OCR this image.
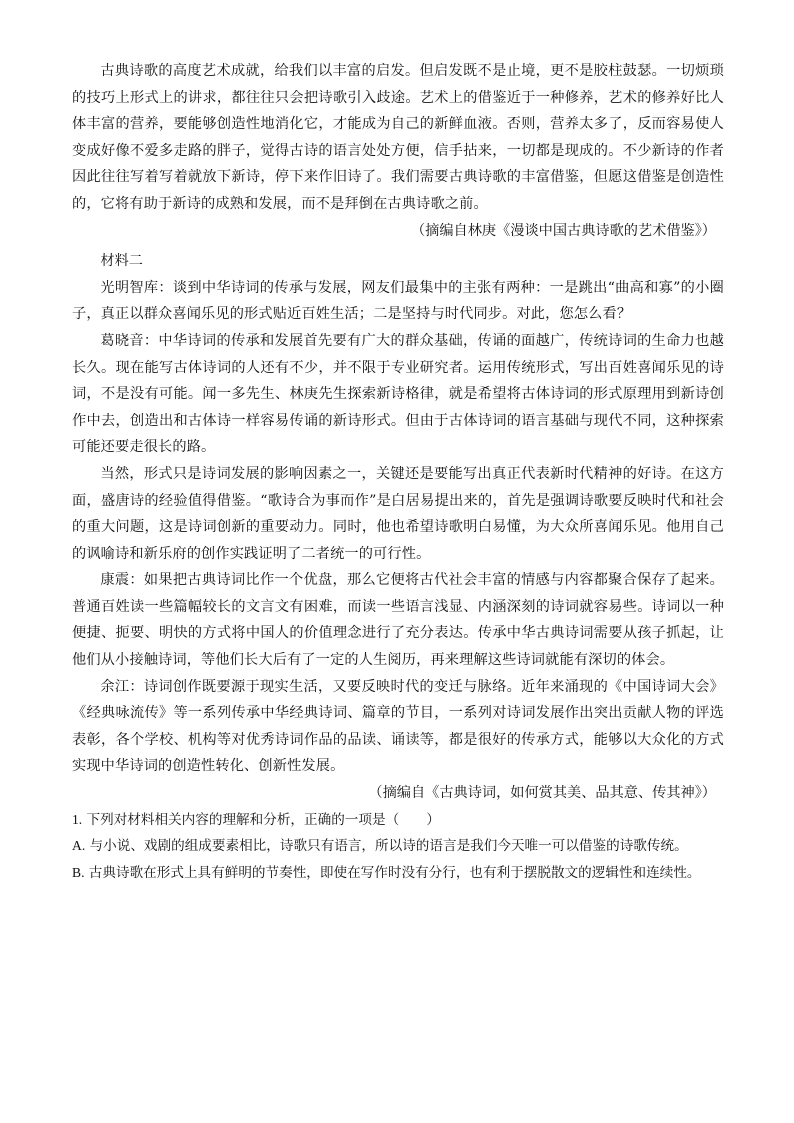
古典诗歌的高度艺术成就，给我们以丰富的启发。但启发既不是止境，更不是胶柱鼓瑟。一切烦琐的技巧上形式上的讲求，都往往只会把诗歌引入歧途。艺术上的借鉴近于一种修养，艺术的修养好比人体丰富的营养，要能够创造性地消化它，才能成为自己的新鲜血液。否则，营养太多了，反而容易使人变成好像不爱多走路的胖子，觉得古诗的语言处处方便，信手拈来，一切都是现成的。不少新诗的作者因此往往写着写着就放下新诗，停下来作旧诗了。我们需要古典诗歌的丰富借鉴，但愿这借鉴是创造性的，它将有助于新诗的成熟和发展，而不是拜倒在古典诗歌之前。

（摘编自林庚《漫谈中国古典诗歌的艺术借鉴》）

材料二

光明智库：谈到中华诗词的传承与发展，网友们最集中的主张有两种：一是跳出“曲高和寡”的小圈子，真正以群众喜闻乐见的形式贴近百姓生活；二是坚持与时代同步。对此，您怎么看？

葛晓音：中华诗词的传承和发展首先要有广大的群众基础，传诵的面越广，传统诗词的生命力也越长久。现在能写古体诗词的人还有不少，并不限于专业研究者。运用传统形式，写出百姓喜闻乐见的诗词，不是没有可能。闻一多先生、林庚先生探索新诗格律，就是希望将古体诗词的形式原理用到新诗创作中去，创造出和古体诗一样容易传诵的新诗形式。但由于古体诗词的语言基础与现代不同，这种探索可能还要走很长的路。

当然，形式只是诗词发展的影响因素之一，关键还是要能写出真正代表新时代精神的好诗。在这方面，盛唐诗的经验值得借鉴。“歌诗合为事而作”是白居易提出来的，首先是强调诗歌要反映时代和社会的重大问题，这是诗词创新的重要动力。同时，他也希望诗歌明白易懂，为大众所喜闻乐见。他用自己的讽喻诗和新乐府的创作实践证明了二者统一的可行性。

康震：如果把古典诗词比作一个优盘，那么它便将古代社会丰富的情感与内容都聚合保存了起来。普通百姓读一些篇幅较长的文言文有困难，而读一些语言浅显、内涵深刻的诗词就容易些。诗词以一种便捷、扼要、明快的方式将中国人的价值理念进行了充分表达。传承中华古典诗词需要从孩子抓起，让他们从小接触诗词，等他们长大后有了一定的人生阅历，再来理解这些诗词就能有深切的体会。

余江：诗词创作既要源于现实生活，又要反映时代的变迁与脉络。近年来涌现的《中国诗词大会》《经典咏流传》等一系列传承中华经典诗词、篇章的节目，一系列对诗词发展作出突出贡献人物的评选表彰，各个学校、机构等对优秀诗词作品的品读、诵读等，都是很好的传承方式，能够以大众化的方式实现中华诗词的创造性转化、创新性发展。

（摘编自《古典诗词，如何赏其美、品其意、传其神》）

1. 下列对材料相关内容的理解和分析，正确的一项是（　　）

A. 与小说、戏剧的组成要素相比，诗歌只有语言，所以诗的语言是我们今天唯一可以借鉴的诗歌传统。

B. 古典诗歌在形式上具有鲜明的节奏性，即使在写作时没有分行，也有利于摆脱散文的逻辑性和连续性。
